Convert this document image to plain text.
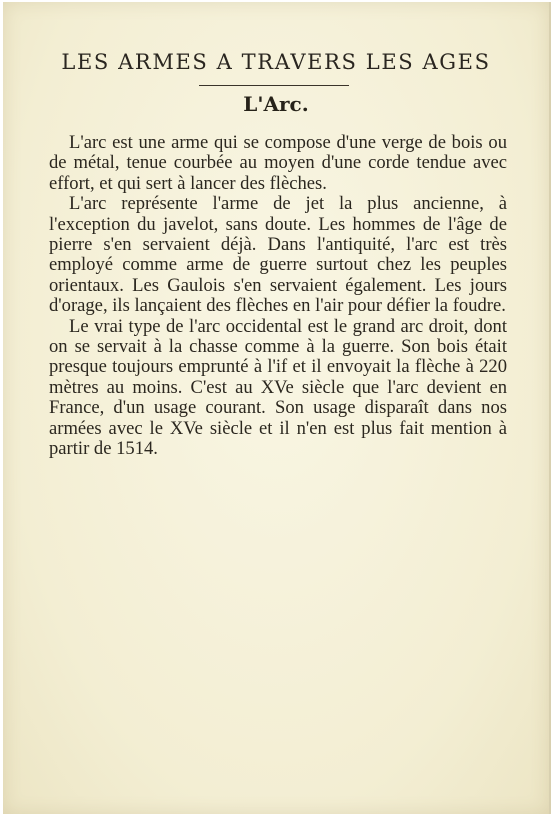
LES ARMES A TRAVERS LES AGES
L'Arc.

L'arc est une arme qui se compose d'une verge de bois ou de métal, tenue courbée au moyen d'une corde tendue avec effort, et qui sert à lancer des flèches.

L'arc représente l'arme de jet la plus ancienne, à l'exception du javelot, sans doute. Les hommes de l'âge de pierre s'en servaient déjà. Dans l'antiquité, l'arc est très employé comme arme de guerre surtout chez les peuples orientaux. Les Gaulois s'en servaient également. Les jours d'orage, ils lançaient des flèches en l'air pour défier la foudre.

Le vrai type de l'arc occidental est le grand arc droit, dont on se servait à la chasse comme à la guerre. Son bois était presque toujours emprunté à l'if et il envoyait la flèche à 220 mètres au moins. C'est au XVe siècle que l'arc devient en France, d'un usage courant. Son usage disparaît dans nos armées avec le XVe siècle et il n'en est plus fait mention à partir de 1514.
